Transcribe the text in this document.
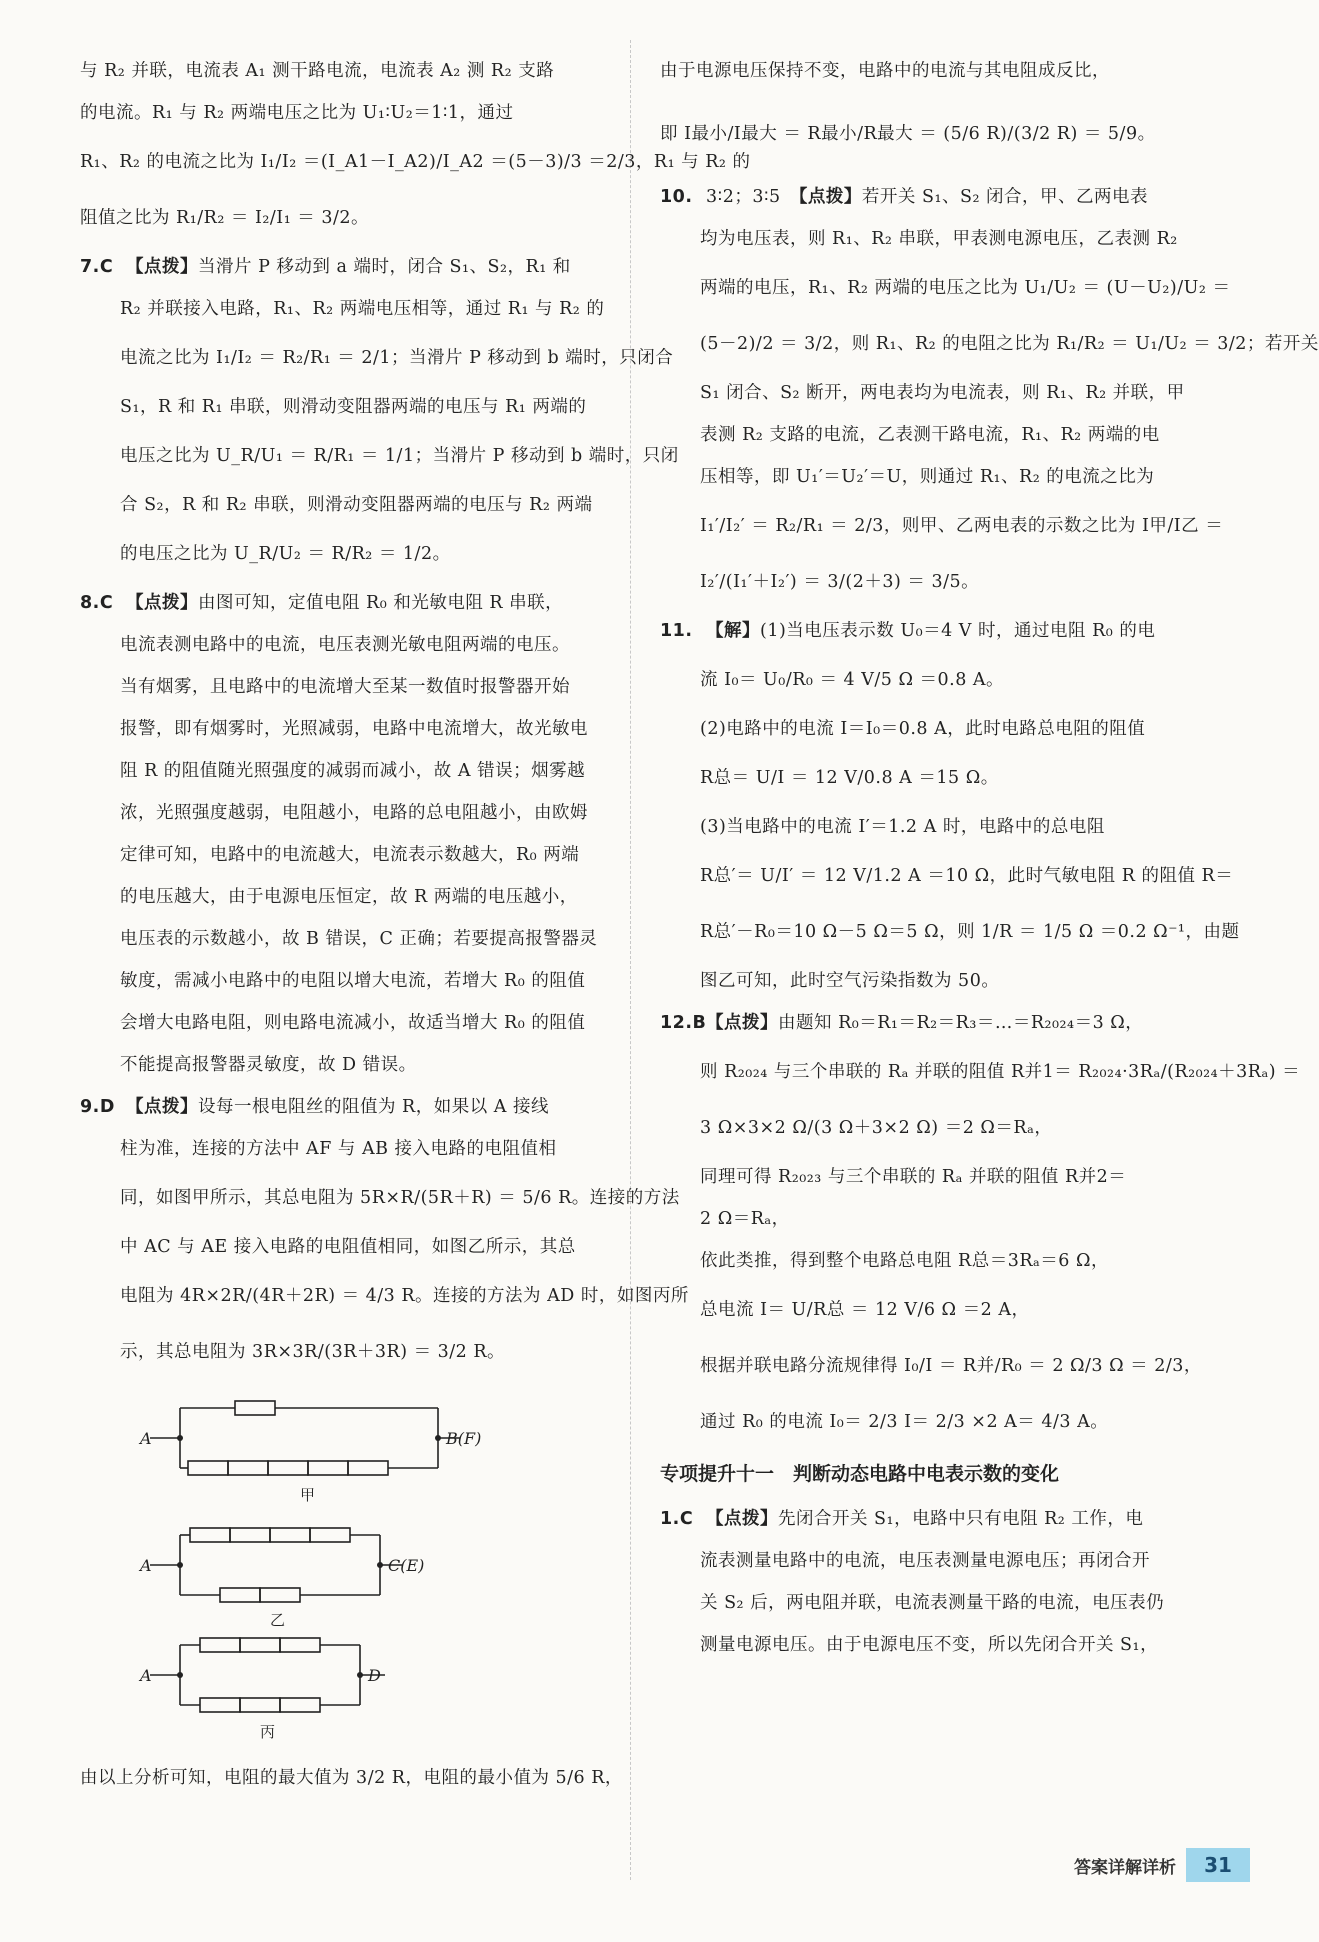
与 R₂ 并联，电流表 A₁ 测干路电流，电流表 A₂ 测 R₂ 支路
的电流。R₁ 与 R₂ 两端电压之比为 U₁∶U₂＝1∶1，通过
R₁、R₂ 的电流之比为 I₁/I₂ ＝(I_A1－I_A2)/I_A2 ＝(5－3)/3 ＝2/3，R₁ 与 R₂ 的
阻值之比为 R₁/R₂ ＝ I₂/I₁ ＝ 3/2。
7.C 【点拨】当滑片 P 移动到 a 端时，闭合 S₁、S₂，R₁ 和
R₂ 并联接入电路，R₁、R₂ 两端电压相等，通过 R₁ 与 R₂ 的
电流之比为 I₁/I₂ ＝ R₂/R₁ ＝ 2/1；当滑片 P 移动到 b 端时，只闭合
S₁，R 和 R₁ 串联，则滑动变阻器两端的电压与 R₁ 两端的
电压之比为 U_R/U₁ ＝ R/R₁ ＝ 1/1；当滑片 P 移动到 b 端时，只闭
合 S₂，R 和 R₂ 串联，则滑动变阻器两端的电压与 R₂ 两端
的电压之比为 U_R/U₂ ＝ R/R₂ ＝ 1/2。
8.C 【点拨】由图可知，定值电阻 R₀ 和光敏电阻 R 串联，
电流表测电路中的电流，电压表测光敏电阻两端的电压。
当有烟雾，且电路中的电流增大至某一数值时报警器开始
报警，即有烟雾时，光照减弱，电路中电流增大，故光敏电
阻 R 的阻值随光照强度的减弱而减小，故 A 错误；烟雾越
浓，光照强度越弱，电阻越小，电路的总电阻越小，由欧姆
定律可知，电路中的电流越大，电流表示数越大，R₀ 两端
的电压越大，由于电源电压恒定，故 R 两端的电压越小，
电压表的示数越小，故 B 错误，C 正确；若要提高报警器灵
敏度，需减小电路中的电阻以增大电流，若增大 R₀ 的阻值
会增大电路电阻，则电路电流减小，故适当增大 R₀ 的阻值
不能提高报警器灵敏度，故 D 错误。
9.D 【点拨】设每一根电阻丝的阻值为 R，如果以 A 接线
柱为准，连接的方法中 AF 与 AB 接入电路的电阻值相
同，如图甲所示，其总电阻为 5R×R/(5R＋R) ＝ 5/6 R。连接的方法
中 AC 与 AE 接入电路的电阻值相同，如图乙所示，其总
电阻为 4R×2R/(4R＋2R) ＝ 4/3 R。连接的方法为 AD 时，如图丙所
示，其总电阻为 3R×3R/(3R＋3R) ＝ 3/2 R。
A	B(F)
A	C(E)
A	D
甲
乙
丙
由以上分析可知，电阻的最大值为 3/2 R，电阻的最小值为 5/6 R，
由于电源电压保持不变，电路中的电流与其电阻成反比，
即 I最小/I最大 ＝ R最小/R最大 ＝ (5/6 R)/(3/2 R) ＝ 5/9。
10. 3∶2；3∶5　 【点拨】若开关 S₁、S₂ 闭合，甲、乙两电表
均为电压表，则 R₁、R₂ 串联，甲表测电源电压，乙表测 R₂
两端的电压，R₁、R₂ 两端的电压之比为 U₁/U₂ ＝ (U－U₂)/U₂ ＝
(5－2)/2 ＝ 3/2，则 R₁、R₂ 的电阻之比为 R₁/R₂ ＝ U₁/U₂ ＝ 3/2；若开关
S₁ 闭合、S₂ 断开，两电表均为电流表，则 R₁、R₂ 并联，甲
表测 R₂ 支路的电流，乙表测干路电流，R₁、R₂ 两端的电
压相等，即 U₁′＝U₂′＝U，则通过 R₁、R₂ 的电流之比为
I₁′/I₂′ ＝ R₂/R₁ ＝ 2/3，则甲、乙两电表的示数之比为 I甲/I乙 ＝
I₂′/(I₁′＋I₂′) ＝ 3/(2＋3) ＝ 3/5。
11. 【解】(1)当电压表示数 U₀＝4 V 时，通过电阻 R₀ 的电
流 I₀＝ U₀/R₀ ＝ 4 V/5 Ω ＝0.8 A。
(2)电路中的电流 I＝I₀＝0.8 A，此时电路总电阻的阻值
R总＝ U/I ＝ 12 V/0.8 A ＝15 Ω。
(3)当电路中的电流 I′＝1.2 A 时，电路中的总电阻
R总′＝ U/I′ ＝ 12 V/1.2 A ＝10 Ω，此时气敏电阻 R 的阻值 R＝
R总′－R₀＝10 Ω－5 Ω＝5 Ω，则 1/R ＝ 1/5 Ω ＝0.2 Ω⁻¹，由题
图乙可知，此时空气污染指数为 50。
12.B【点拨】由题知 R₀＝R₁＝R₂＝R₃＝…＝R₂₀₂₄＝3 Ω，
则 R₂₀₂₄ 与三个串联的 Rₐ 并联的阻值 R并1＝ R₂₀₂₄·3Rₐ/(R₂₀₂₄＋3Rₐ) ＝
3 Ω×3×2 Ω/(3 Ω＋3×2 Ω) ＝2 Ω＝Rₐ，
同理可得 R₂₀₂₃ 与三个串联的 Rₐ 并联的阻值 R并2＝
2 Ω＝Rₐ，
依此类推，得到整个电路总电阻 R总＝3Rₐ＝6 Ω，
总电流 I＝ U/R总 ＝ 12 V/6 Ω ＝2 A，
根据并联电路分流规律得 I₀/I ＝ R并/R₀ ＝ 2 Ω/3 Ω ＝ 2/3，
通过 R₀ 的电流 I₀＝ 2/3 I＝ 2/3 ×2 A＝ 4/3 A。
专项提升十一　判断动态电路中电表示数的变化
1.C 【点拨】先闭合开关 S₁，电路中只有电阻 R₂ 工作，电
流表测量电路中的电流，电压表测量电源电压；再闭合开
关 S₂ 后，两电阻并联，电流表测量干路的电流，电压表仍
测量电源电压。由于电源电压不变，所以先闭合开关 S₁，
答案详解详析	31
